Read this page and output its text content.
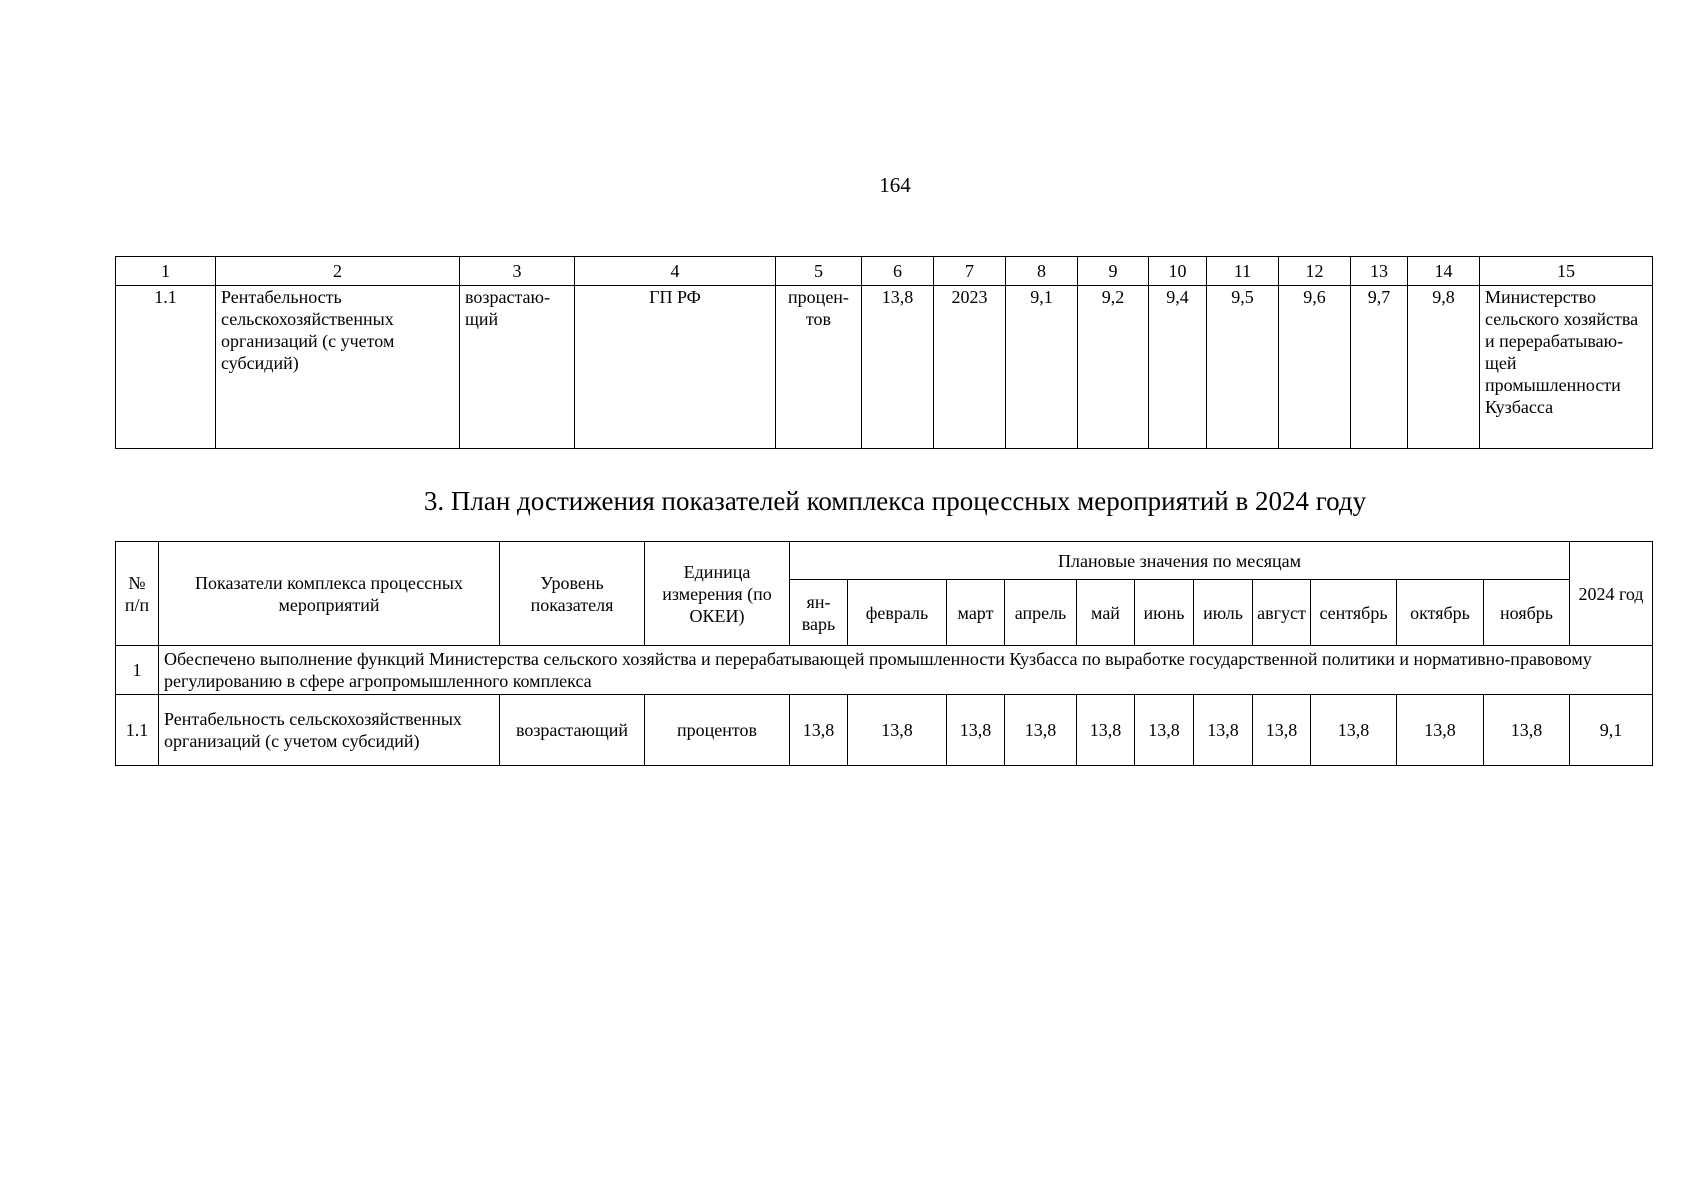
164
1	2	3	4	5	6	7	8	9	10	11	12	13	14	15
1.1	Рентабельность сельскохозяйственных организаций (с учетом субсидий)	возрастаю-щий	ГП РФ	процен-тов	13,8	2023	9,1	9,2	9,4	9,5	9,6	9,7	9,8	Министерство сельского хозяйства и перерабатываю-щей промышленности Кузбасса
3. План достижения показателей комплекса процессных мероприятий в 2024 году
№ п/п	Показатели комплекса процессных мероприятий	Уровень показателя	Единица измерения (по ОКЕИ)	Плановые значения по месяцам											2024 год
				ян-варь	февраль	март	апрель	май	июнь	июль	август	сентябрь	октябрь	ноябрь	
1	Обеспечено выполнение функций Министерства сельского хозяйства и перерабатывающей промышленности Кузбасса по выработке государственной политики и нормативно-правовому регулированию в сфере агропромышленного комплекса														
1.1	Рентабельность сельскохозяйственных организаций (с учетом субсидий)	возрастающий	процентов	13,8	13,8	13,8	13,8	13,8	13,8	13,8	13,8	13,8	13,8	13,8	9,1
